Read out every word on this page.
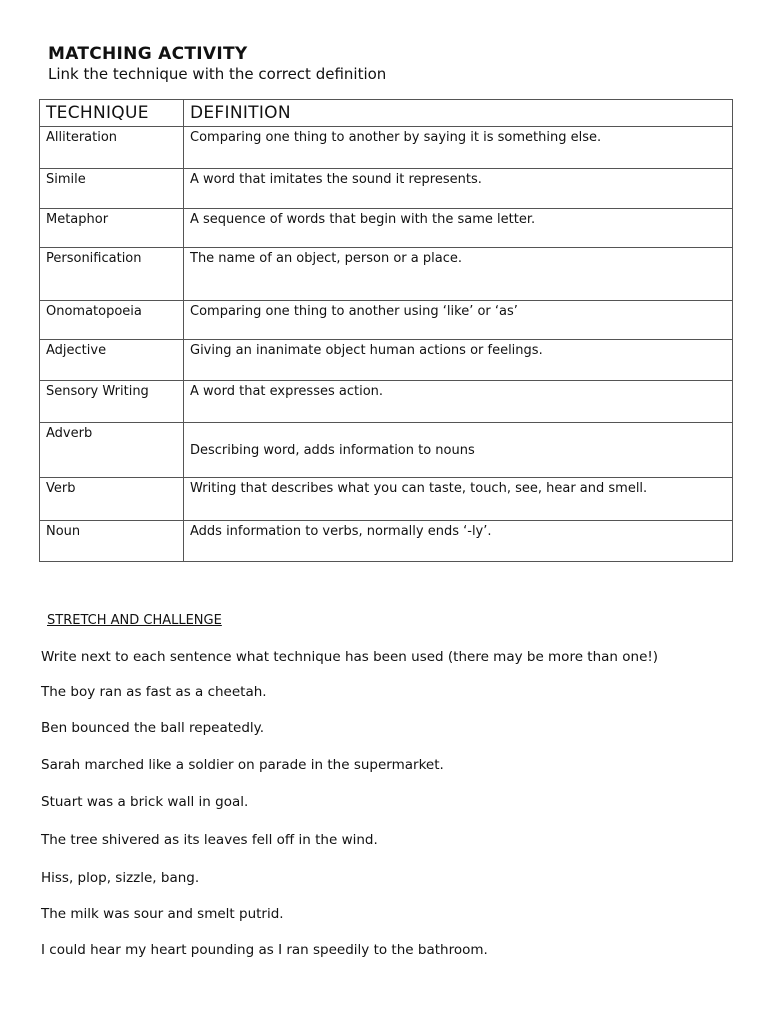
MATCHING ACTIVITY

Link the technique with the correct definition

TECHNIQUE	DEFINITION
Alliteration	Comparing one thing to another by saying it is something else.
Simile	A word that imitates the sound it represents.
Metaphor	A sequence of words that begin with the same letter.
Personification	The name of an object, person or a place.
Onomatopoeia	Comparing one thing to another using ‘like’ or ‘as’
Adjective	Giving an inanimate object human actions or feelings.
Sensory Writing	A word that expresses action.
Adverb	Describing word, adds information to nouns
Verb	Writing that describes what you can taste, touch, see, hear and smell.
Noun	Adds information to verbs, normally ends ‘-ly’.

STRETCH AND CHALLENGE

Write next to each sentence what technique has been used (there may be more than one!)

The boy ran as fast as a cheetah.

Ben bounced the ball repeatedly.

Sarah marched like a soldier on parade in the supermarket.

Stuart was a brick wall in goal.

The tree shivered as its leaves fell off in the wind.

Hiss, plop, sizzle, bang.

The milk was sour and smelt putrid.

I could hear my heart pounding as I ran speedily to the bathroom.
